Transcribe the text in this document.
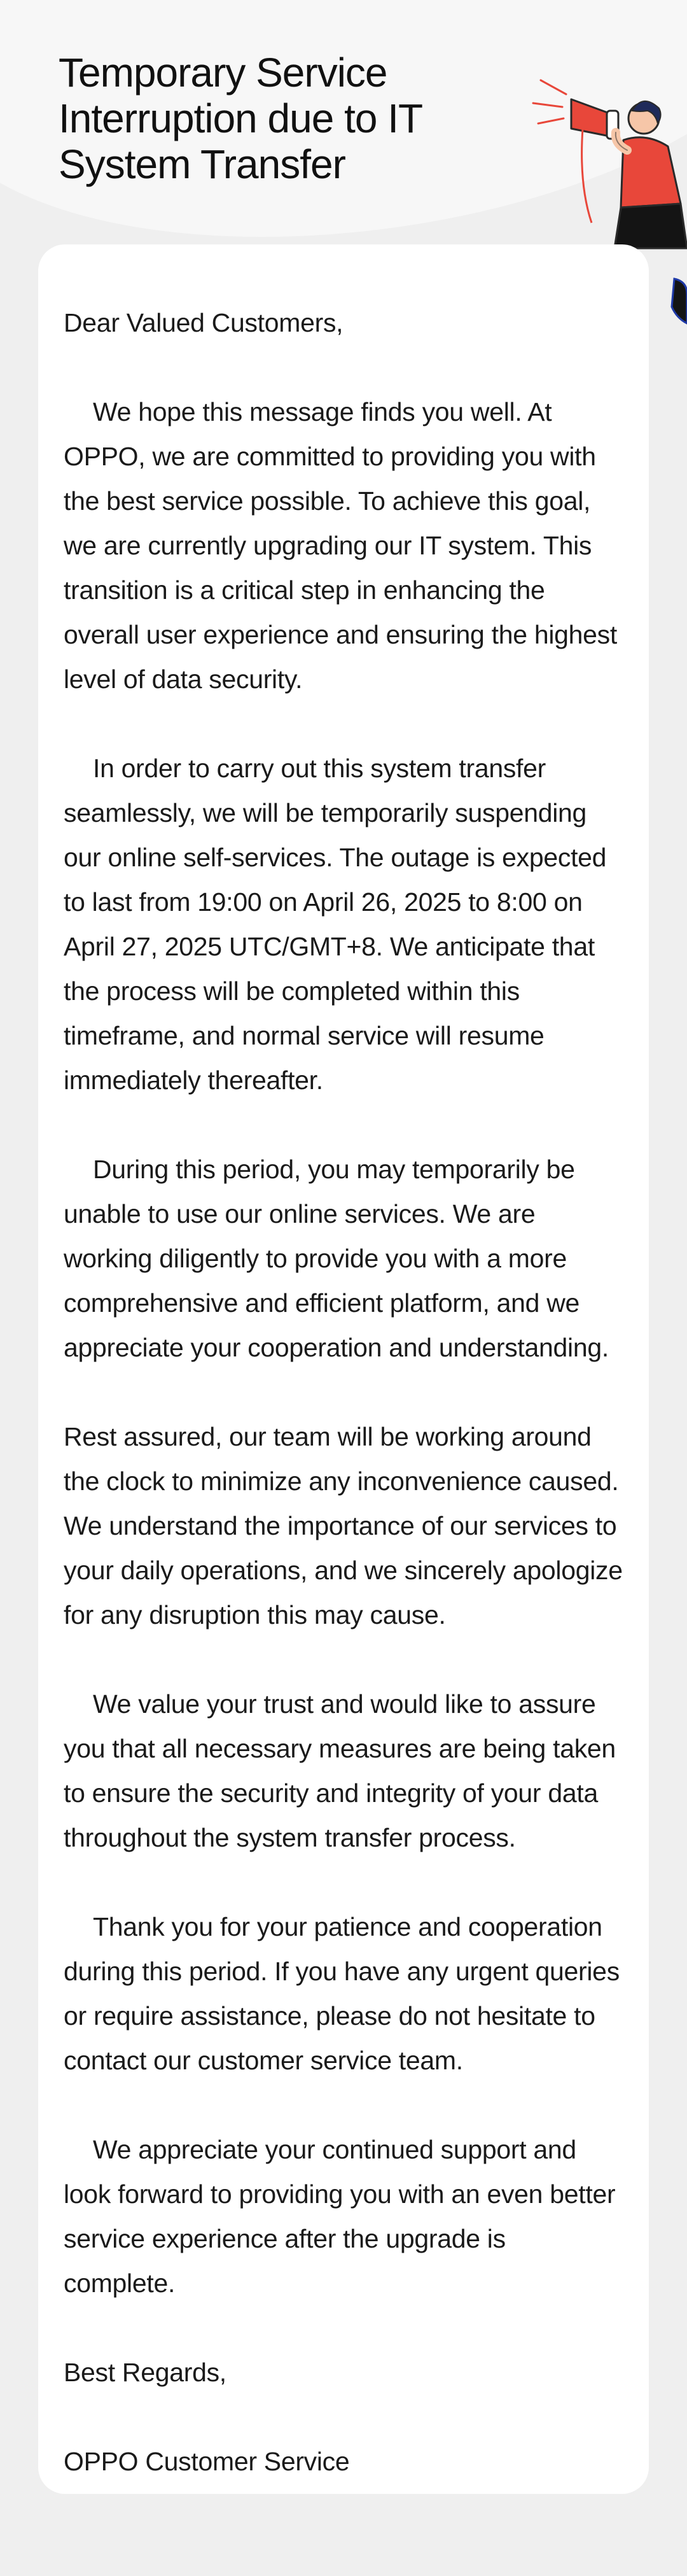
Temporary Service Interruption due to IT System Transfer

Dear Valued Customers,

We hope this message finds you well. At OPPO, we are committed to providing you with the best service possible. To achieve this goal, we are currently upgrading our IT system. This transition is a critical step in enhancing the overall user experience and ensuring the highest level of data security.

In order to carry out this system transfer seamlessly, we will be temporarily suspending our online self-services. The outage is expected to last from 19:00 on April 26, 2025 to 8:00 on April 27, 2025 UTC/GMT+8. We anticipate that the process will be completed within this timeframe, and normal service will resume immediately thereafter.

During this period, you may temporarily be unable to use our online services. We are working diligently to provide you with a more comprehensive and efficient platform, and we appreciate your cooperation and understanding.

Rest assured, our team will be working around the clock to minimize any inconvenience caused. We understand the importance of our services to your daily operations, and we sincerely apologize for any disruption this may cause.

We value your trust and would like to assure you that all necessary measures are being taken to ensure the security and integrity of your data throughout the system transfer process.

Thank you for your patience and cooperation during this period. If you have any urgent queries or require assistance, please do not hesitate to contact our customer service team.

We appreciate your continued support and look forward to providing you with an even better service experience after the upgrade is complete.

Best Regards,

OPPO Customer Service
